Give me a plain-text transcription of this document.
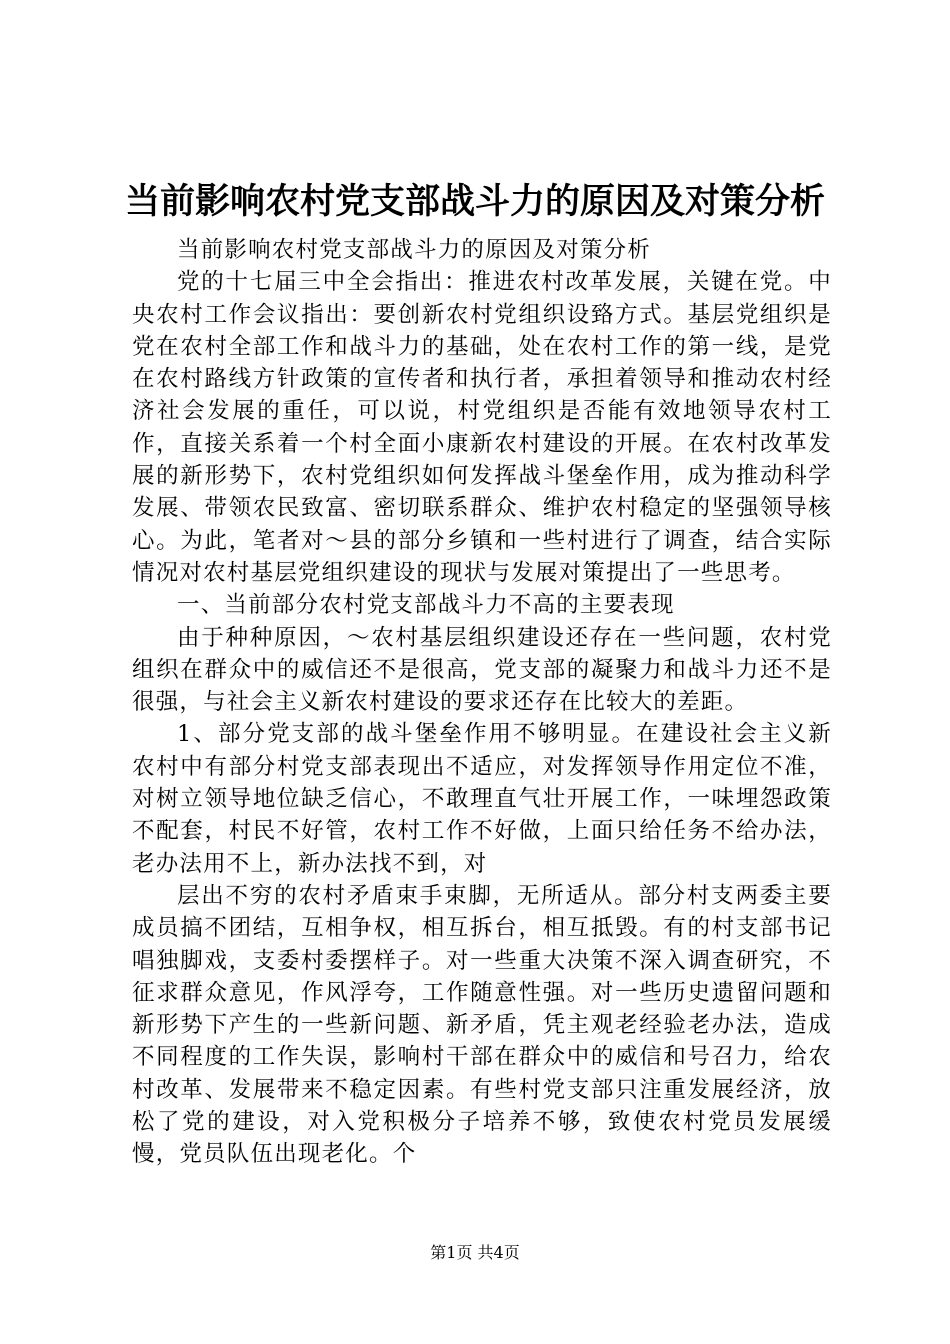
当前影响农村党支部战斗力的原因及对策分析

当前影响农村党支部战斗力的原因及对策分析

党的十七届三中全会指出：推进农村改革发展，关键在党。中央农村工作会议指出：要创新农村党组织设臵方式。基层党组织是党在农村全部工作和战斗力的基础，处在农村工作的第一线，是党在农村路线方针政策的宣传者和执行者，承担着领导和推动农村经济社会发展的重任，可以说，村党组织是否能有效地领导农村工作，直接关系着一个村全面小康新农村建设的开展。在农村改革发展的新形势下，农村党组织如何发挥战斗堡垒作用，成为推动科学发展、带领农民致富、密切联系群众、维护农村稳定的坚强领导核心。为此，笔者对～县的部分乡镇和一些村进行了调查，结合实际情况对农村基层党组织建设的现状与发展对策提出了一些思考。

一、当前部分农村党支部战斗力不高的主要表现

由于种种原因，～农村基层组织建设还存在一些问题，农村党组织在群众中的威信还不是很高，党支部的凝聚力和战斗力还不是很强，与社会主义新农村建设的要求还存在比较大的差距。

1、部分党支部的战斗堡垒作用不够明显。在建设社会主义新农村中有部分村党支部表现出不适应，对发挥领导作用定位不准，对树立领导地位缺乏信心，不敢理直气壮开展工作，一味埋怨政策不配套，村民不好管，农村工作不好做，上面只给任务不给办法，老办法用不上，新办法找不到，对

层出不穷的农村矛盾束手束脚，无所适从。部分村支两委主要成员搞不团结，互相争权，相互拆台，相互抵毁。有的村支部书记唱独脚戏，支委村委摆样子。对一些重大决策不深入调查研究，不征求群众意见，作风浮夸，工作随意性强。对一些历史遗留问题和新形势下产生的一些新问题、新矛盾，凭主观老经验老办法，造成不同程度的工作失误，影响村干部在群众中的威信和号召力，给农村改革、发展带来不稳定因素。有些村党支部只注重发展经济，放松了党的建设，对入党积极分子培养不够，致使农村党员发展缓慢，党员队伍出现老化。个

第1页 共4页
